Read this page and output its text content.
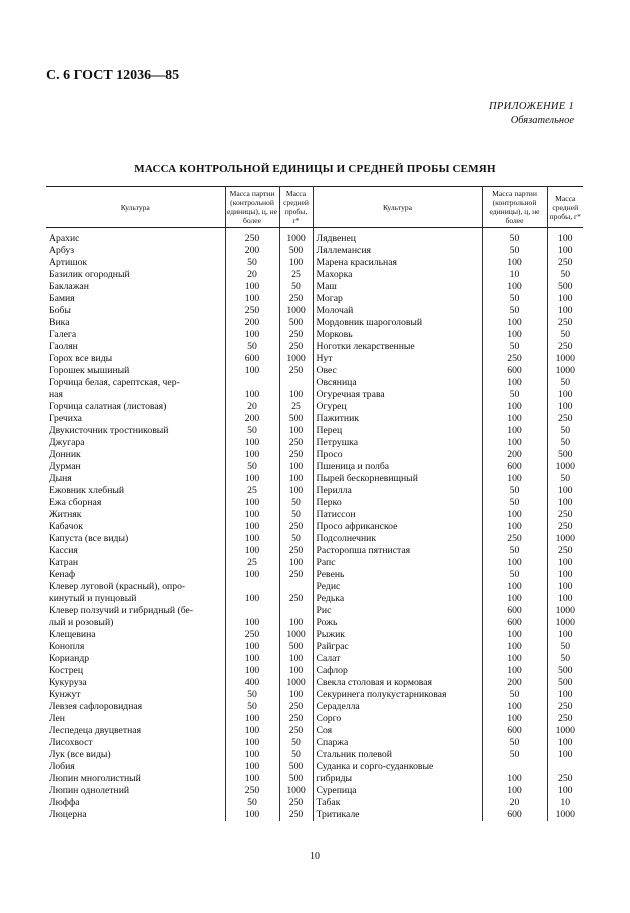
С. 6 ГОСТ 12036—85
ПРИЛОЖЕНИЕ 1
Обязательное
МАССА КОНТРОЛЬНОЙ ЕДИНИЦЫ И СРЕДНЕЙ ПРОБЫ СЕМЯН
Культура	Масса партии (контрольной единицы), ц, не более	Масса средней пробы, г*	Культура	Масса партии (контрольной единицы), ц, не более	Масса средней пробы, г*
Арахис	250	1000	Лядвенец	50	100
Арбуз	200	500	Ляллемансия	50	100
Артишок	50	100	Марена красильная	100	250
Базилик огородный	20	25	Махорка	10	50
Баклажан	100	50	Маш	100	500
Бамия	100	250	Могар	50	100
Бобы	250	1000	Молочай	50	100
Вика	200	500	Мордовник шароголовый	100	250
Галега	100	250	Морковь	100	50
Гаолян	50	250	Ноготки лекарственные	50	250
Горох все виды	600	1000	Нут	250	1000
Горошек мышиный	100	250	Овес	600	1000
Горчица белая, сарептская, чер-			Овсяница	100	50
ная	100	100	Огуречная трава	50	100
Горчица салатная (листовая)	20	25	Огурец	100	100
Гречиха	200	500	Пажитник	100	250
Двукисточник тростниковый	50	100	Перец	100	50
Джугара	100	250	Петрушка	100	50
Донник	100	250	Просо	200	500
Дурман	50	100	Пшеница и полба	600	1000
Дыня	100	100	Пырей бескорневищный	100	50
Ежовник хлебный	25	100	Перилла	50	100
Ежа сборная	100	50	Перко	50	100
Житняк	100	50	Патиссон	100	250
Кабачок	100	250	Просо африканское	100	250
Капуста (все виды)	100	50	Подсолнечник	250	1000
Кассия	100	250	Расторопша пятнистая	50	250
Катран	25	100	Рапс	100	100
Кенаф	100	250	Ревень	50	100
Клевер луговой (красный), опро-			Редис	100	100
кинутый и пунцовый	100	250	Редька	100	100
Клевер ползучий и гибридный (бе-			Рис	600	1000
лый и розовый)	100	100	Рожь	600	1000
Клещевина	250	1000	Рыжик	100	100
Конопля	100	500	Райграс	100	50
Кориандр	100	100	Салат	100	50
Кострец	100	100	Сафлор	100	500
Кукуруза	400	1000	Свекла столовая и кормовая	200	500
Кунжут	50	100	Секуринега полукустарниковая	50	100
Левзея сафлоровидная	50	250	Сераделла	100	250
Лен	100	250	Сорго	100	250
Леспедеца двуцветная	100	250	Соя	600	1000
Лисохвост	100	50	Спаржа	50	100
Лук (все виды)	100	50	Стальник полевой	50	100
Лобия	100	500	Суданка и сорго-суданковые		
Люпин многолистный	100	500	гибриды	100	250
Люпин однолетний	250	1000	Сурепица	100	100
Люффа	50	250	Табак	20	10
Люцерна	100	250	Тритикале	600	1000
10
